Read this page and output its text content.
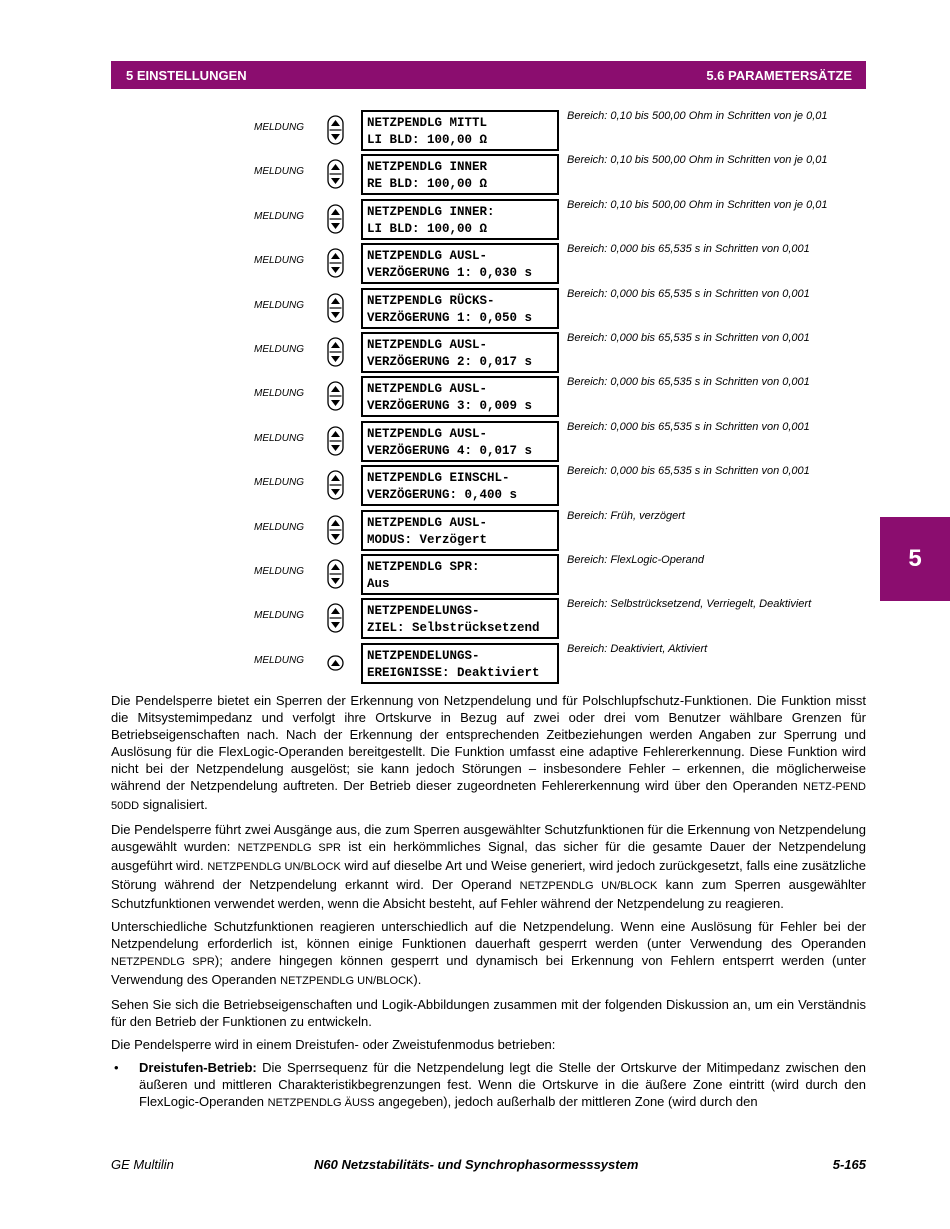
5 EINSTELLUNGEN	5.6 PARAMETERSÄTZE
5
MELDUNG	NETZPENDLG MITTL
LI BLD: 100,00 Ω
Bereich: 0,10 bis 500,00 Ohm in Schritten von je 0,01
MELDUNG	NETZPENDLG INNER
RE BLD: 100,00 Ω
Bereich: 0,10 bis 500,00 Ohm in Schritten von je 0,01
MELDUNG	NETZPENDLG INNER:
LI BLD: 100,00 Ω
Bereich: 0,10 bis 500,00 Ohm in Schritten von je 0,01
MELDUNG	NETZPENDLG AUSL-
VERZÖGERUNG 1: 0,030 s
Bereich: 0,000 bis 65,535 s in Schritten von 0,001
MELDUNG	NETZPENDLG RÜCKS-
VERZÖGERUNG 1: 0,050 s
Bereich: 0,000 bis 65,535 s in Schritten von 0,001
MELDUNG	NETZPENDLG AUSL-
VERZÖGERUNG 2: 0,017 s
Bereich: 0,000 bis 65,535 s in Schritten von 0,001
MELDUNG	NETZPENDLG AUSL-
VERZÖGERUNG 3: 0,009 s
Bereich: 0,000 bis 65,535 s in Schritten von 0,001
MELDUNG	NETZPENDLG AUSL-
VERZÖGERUNG 4: 0,017 s
Bereich: 0,000 bis 65,535 s in Schritten von 0,001
MELDUNG	NETZPENDLG EINSCHL-
VERZÖGERUNG: 0,400 s
Bereich: 0,000 bis 65,535 s in Schritten von 0,001
MELDUNG	NETZPENDLG AUSL-
MODUS: Verzögert
Bereich: Früh, verzögert
MELDUNG	NETZPENDLG SPR:
Aus
Bereich: FlexLogic-Operand
MELDUNG	NETZPENDELUNGS-
ZIEL: Selbstrücksetzend
Bereich: Selbstrücksetzend, Verriegelt, Deaktiviert
MELDUNG	NETZPENDELUNGS-
EREIGNISSE: Deaktiviert
Bereich: Deaktiviert, Aktiviert

Die Pendelsperre bietet ein Sperren der Erkennung von Netzpendelung und für Polschlupfschutz-Funktionen. Die Funktion misst die Mitsystemimpedanz und verfolgt ihre Ortskurve in Bezug auf zwei oder drei vom Benutzer wählbare Grenzen für Betriebseigenschaften nach. Nach der Erkennung der entsprechenden Zeitbeziehungen werden Angaben zur Sperrung und Auslösung für die FlexLogic-Operanden bereitgestellt. Die Funktion umfasst eine adaptive Fehlererkennung. Diese Funktion wird nicht bei der Netzpendelung ausgelöst; sie kann jedoch Störungen – insbesondere Fehler – erkennen, die möglicherweise während der Netzpendelung auftreten. Der Betrieb dieser zugeordneten Fehlererkennung wird über den Operanden NETZ-PEND 50DD signalisiert.

Die Pendelsperre führt zwei Ausgänge aus, die zum Sperren ausgewählter Schutzfunktionen für die Erkennung von Netzpendelung ausgewählt wurden: NETZPENDLG SPR ist ein herkömmliches Signal, das sicher für die gesamte Dauer der Netzpendelung ausgeführt wird. NETZPENDLG UN/BLOCK wird auf dieselbe Art und Weise generiert, wird jedoch zurückgesetzt, falls eine zusätzliche Störung während der Netzpendelung erkannt wird. Der Operand NETZPENDLG UN/BLOCK kann zum Sperren ausgewählter Schutzfunktionen verwendet werden, wenn die Absicht besteht, auf Fehler während der Netzpendelung zu reagieren.

Unterschiedliche Schutzfunktionen reagieren unterschiedlich auf die Netzpendelung. Wenn eine Auslösung für Fehler bei der Netzpendelung erforderlich ist, können einige Funktionen dauerhaft gesperrt werden (unter Verwendung des Operanden NETZPENDLG SPR); andere hingegen können gesperrt und dynamisch bei Erkennung von Fehlern entsperrt werden (unter Verwendung des Operanden NETZPENDLG UN/BLOCK).

Sehen Sie sich die Betriebseigenschaften und Logik-Abbildungen zusammen mit der folgenden Diskussion an, um ein Verständnis für den Betrieb der Funktionen zu entwickeln.

Die Pendelsperre wird in einem Dreistufen- oder Zweistufenmodus betrieben:

•	Dreistufen-Betrieb: Die Sperrsequenz für die Netzpendelung legt die Stelle der Ortskurve der Mitimpedanz zwischen den äußeren und mittleren Charakteristikbegrenzungen fest. Wenn die Ortskurve in die äußere Zone eintritt (wird durch den FlexLogic-Operanden NETZPENDLG ÄUSS angegeben), jedoch außerhalb der mittleren Zone (wird durch den
GE Multilin	N60 Netzstabilitäts- und Synchrophasormesssystem	5-165
